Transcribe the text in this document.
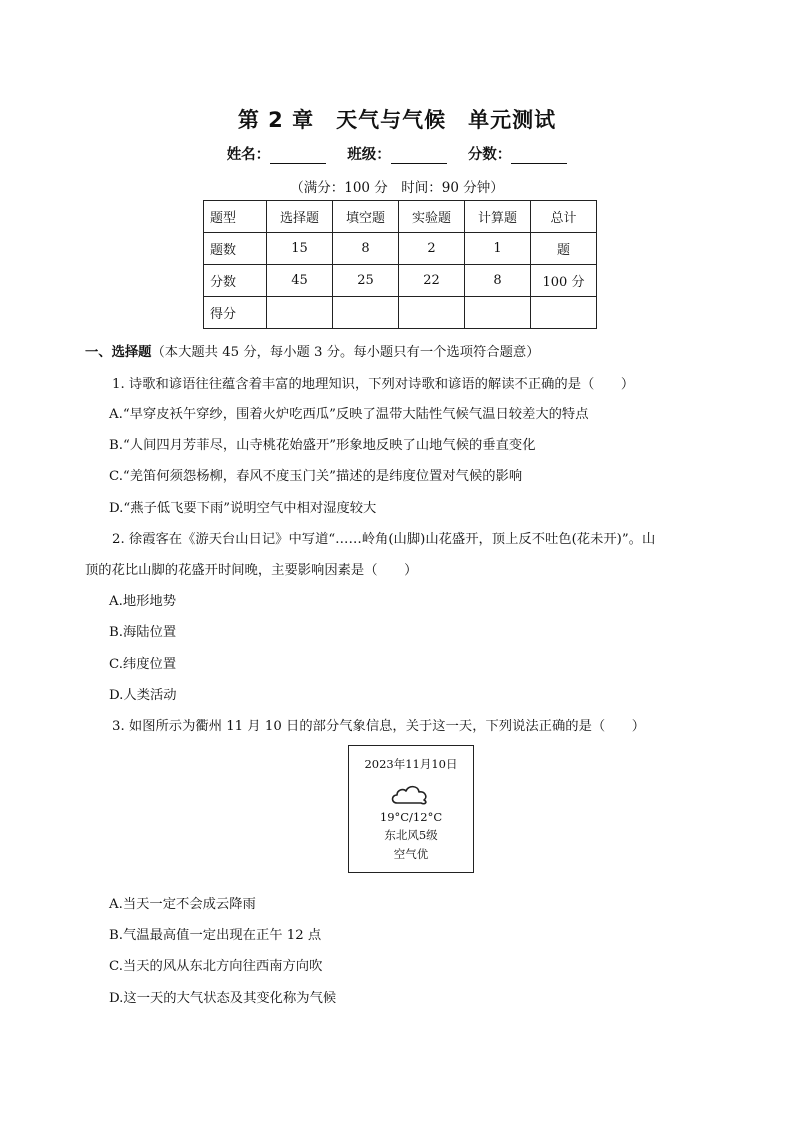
第 2 章　天气与气候　单元测试
姓名：	班级：	分数：
（满分：100 分　时间：90 分钟）
题型	选择题	填空题	实验题	计算题	总计
题数	15	8	2	1	题
分数	45	25	22	8	100 分
得分					
一、选择题（本大题共 45 分，每小题 3 分。每小题只有一个选项符合题意）
1. 诗歌和谚语往往蕴含着丰富的地理知识，下列对诗歌和谚语的解读不正确的是（　　）
A.“早穿皮袄午穿纱，围着火炉吃西瓜”反映了温带大陆性气候气温日较差大的特点
B.“人间四月芳菲尽，山寺桃花始盛开”形象地反映了山地气候的垂直变化
C.“羌笛何须怨杨柳，春风不度玉门关”描述的是纬度位置对气候的影响
D.“燕子低飞要下雨”说明空气中相对湿度较大
2. 徐霞客在《游天台山日记》中写道“……岭角(山脚)山花盛开，顶上反不吐色(花未开)”。山
顶的花比山脚的花盛开时间晚，主要影响因素是（　　）
A.地形地势
B.海陆位置
C.纬度位置
D.人类活动
3. 如图所示为衢州 11 月 10 日的部分气象信息，关于这一天，下列说法正确的是（　　）
2023年11月10日
19°C/12°C
东北风5级
空气优
A.当天一定不会成云降雨
B.气温最高值一定出现在正午 12 点
C.当天的风从东北方向往西南方向吹
D.这一天的大气状态及其变化称为气候
